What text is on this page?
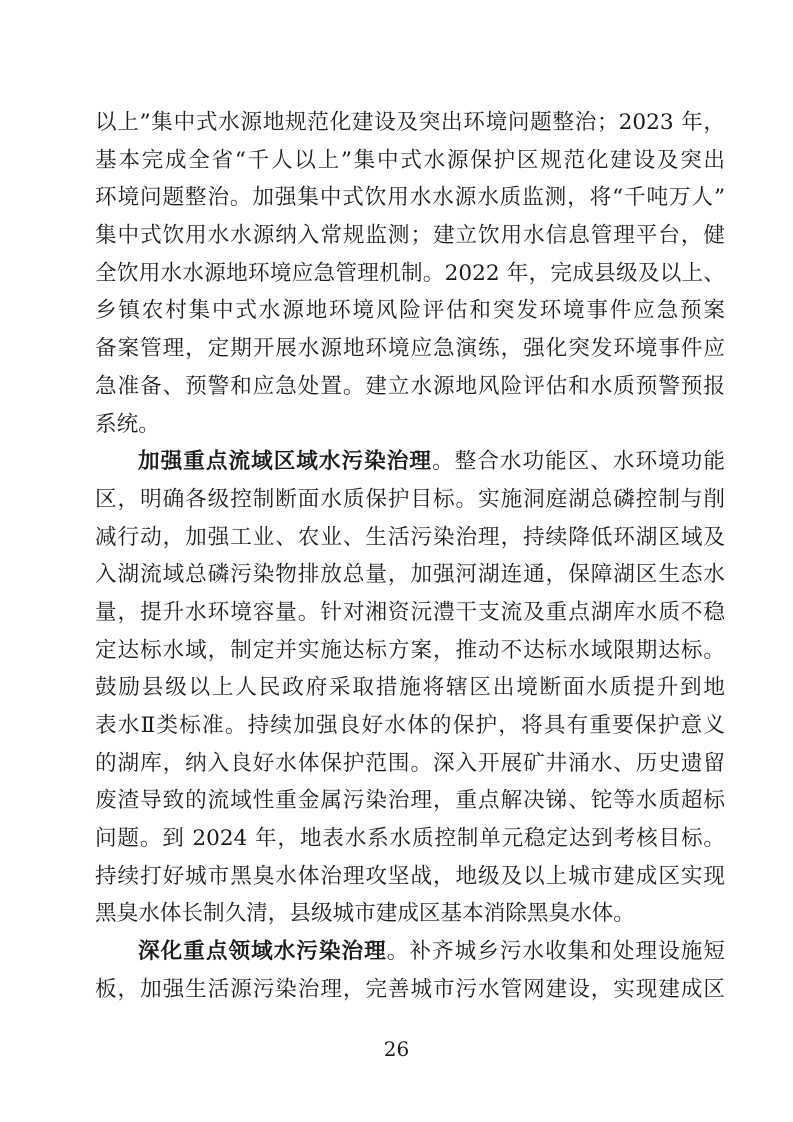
以上”集中式水源地规范化建设及突出环境问题整治；2023 年，
基本完成全省“千人以上”集中式水源保护区规范化建设及突出
环境问题整治。加强集中式饮用水水源水质监测，将“千吨万人”
集中式饮用水水源纳入常规监测；建立饮用水信息管理平台，健
全饮用水水源地环境应急管理机制。2022 年，完成县级及以上、
乡镇农村集中式水源地环境风险评估和突发环境事件应急预案
备案管理，定期开展水源地环境应急演练，强化突发环境事件应
急准备、预警和应急处置。建立水源地风险评估和水质预警预报
系统。
加强重点流域区域水污染治理。整合水功能区、水环境功能
区，明确各级控制断面水质保护目标。实施洞庭湖总磷控制与削
减行动，加强工业、农业、生活污染治理，持续降低环湖区域及
入湖流域总磷污染物排放总量，加强河湖连通，保障湖区生态水
量，提升水环境容量。针对湘资沅澧干支流及重点湖库水质不稳
定达标水域，制定并实施达标方案，推动不达标水域限期达标。
鼓励县级以上人民政府采取措施将辖区出境断面水质提升到地
表水Ⅱ类标准。持续加强良好水体的保护，将具有重要保护意义
的湖库，纳入良好水体保护范围。深入开展矿井涌水、历史遗留
废渣导致的流域性重金属污染治理，重点解决锑、铊等水质超标
问题。到 2024 年，地表水系水质控制单元稳定达到考核目标。
持续打好城市黑臭水体治理攻坚战，地级及以上城市建成区实现
黑臭水体长制久清，县级城市建成区基本消除黑臭水体。
深化重点领域水污染治理。补齐城乡污水收集和处理设施短
板，加强生活源污染治理，完善城市污水管网建设，实现建成区
26
